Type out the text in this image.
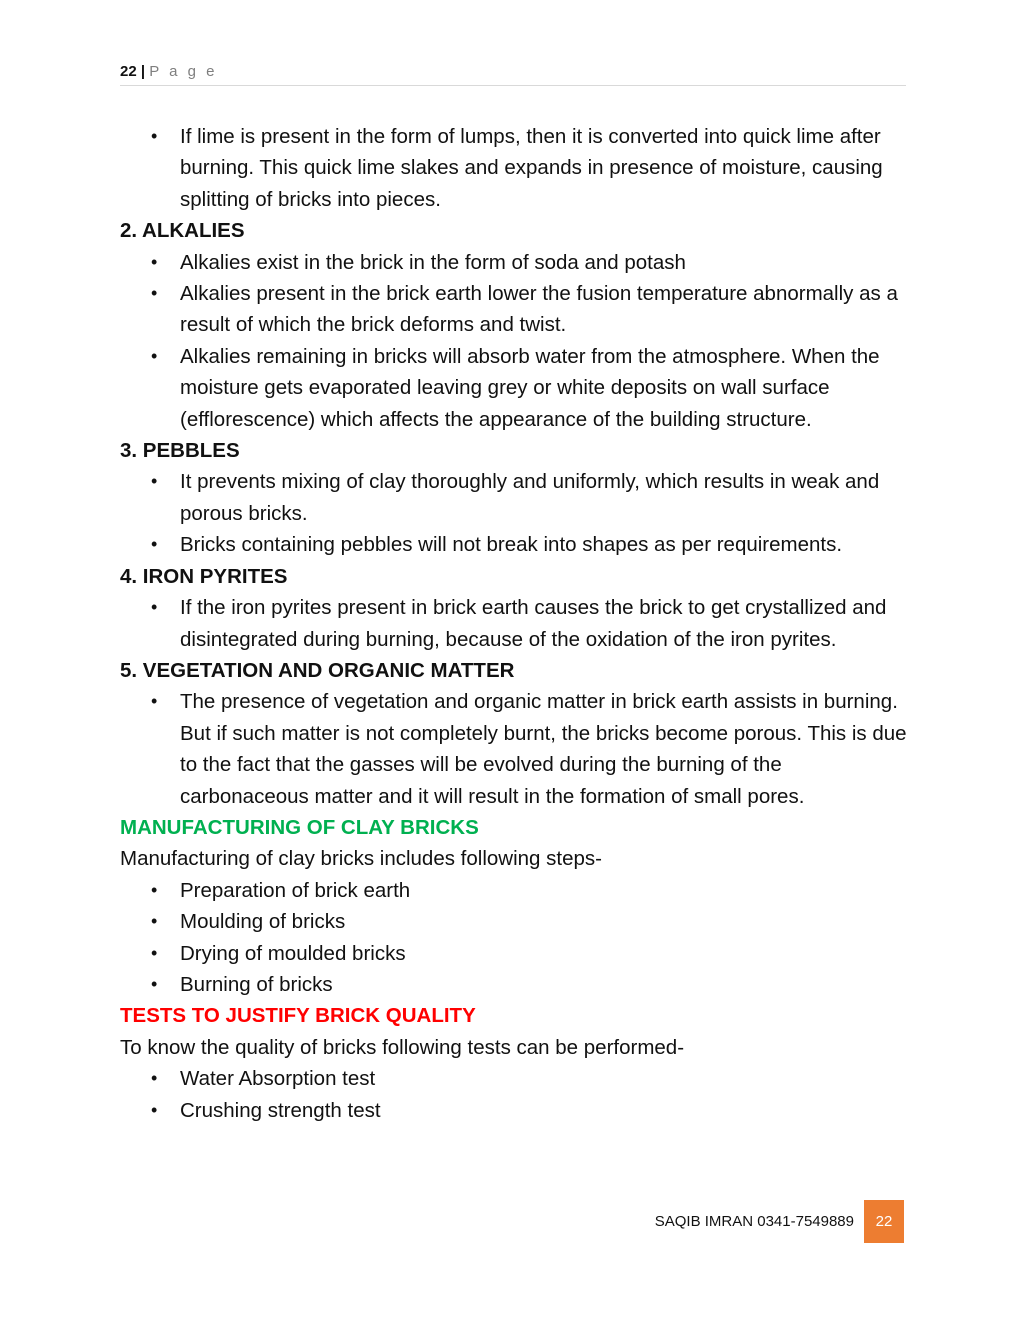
22 | P a g e
• If lime is present in the form of lumps, then it is converted into quick lime after burning. This quick lime slakes and expands in presence of moisture, causing splitting of bricks into pieces.
2. ALKALIES
• Alkalies exist in the brick in the form of soda and potash
• Alkalies present in the brick earth lower the fusion temperature abnormally as a result of which the brick deforms and twist.
• Alkalies remaining in bricks will absorb water from the atmosphere. When the moisture gets evaporated leaving grey or white deposits on wall surface (efflorescence) which affects the appearance of the building structure.
3. PEBBLES
• It prevents mixing of clay thoroughly and uniformly, which results in weak and porous bricks.
• Bricks containing pebbles will not break into shapes as per requirements.
4. IRON PYRITES
• If the iron pyrites present in brick earth causes the brick to get crystallized and disintegrated during burning, because of the oxidation of the iron pyrites.
5. VEGETATION AND ORGANIC MATTER
• The presence of vegetation and organic matter in brick earth assists in burning. But if such matter is not completely burnt, the bricks become porous. This is due to the fact that the gasses will be evolved during the burning of the carbonaceous matter and it will result in the formation of small pores.
MANUFACTURING OF CLAY BRICKS
Manufacturing of clay bricks includes following steps-
• Preparation of brick earth
• Moulding of bricks
• Drying of moulded bricks
• Burning of bricks
TESTS TO JUSTIFY BRICK QUALITY
To know the quality of bricks following tests can be performed-
• Water Absorption test
• Crushing strength test
SAQIB IMRAN 0341-7549889	22
